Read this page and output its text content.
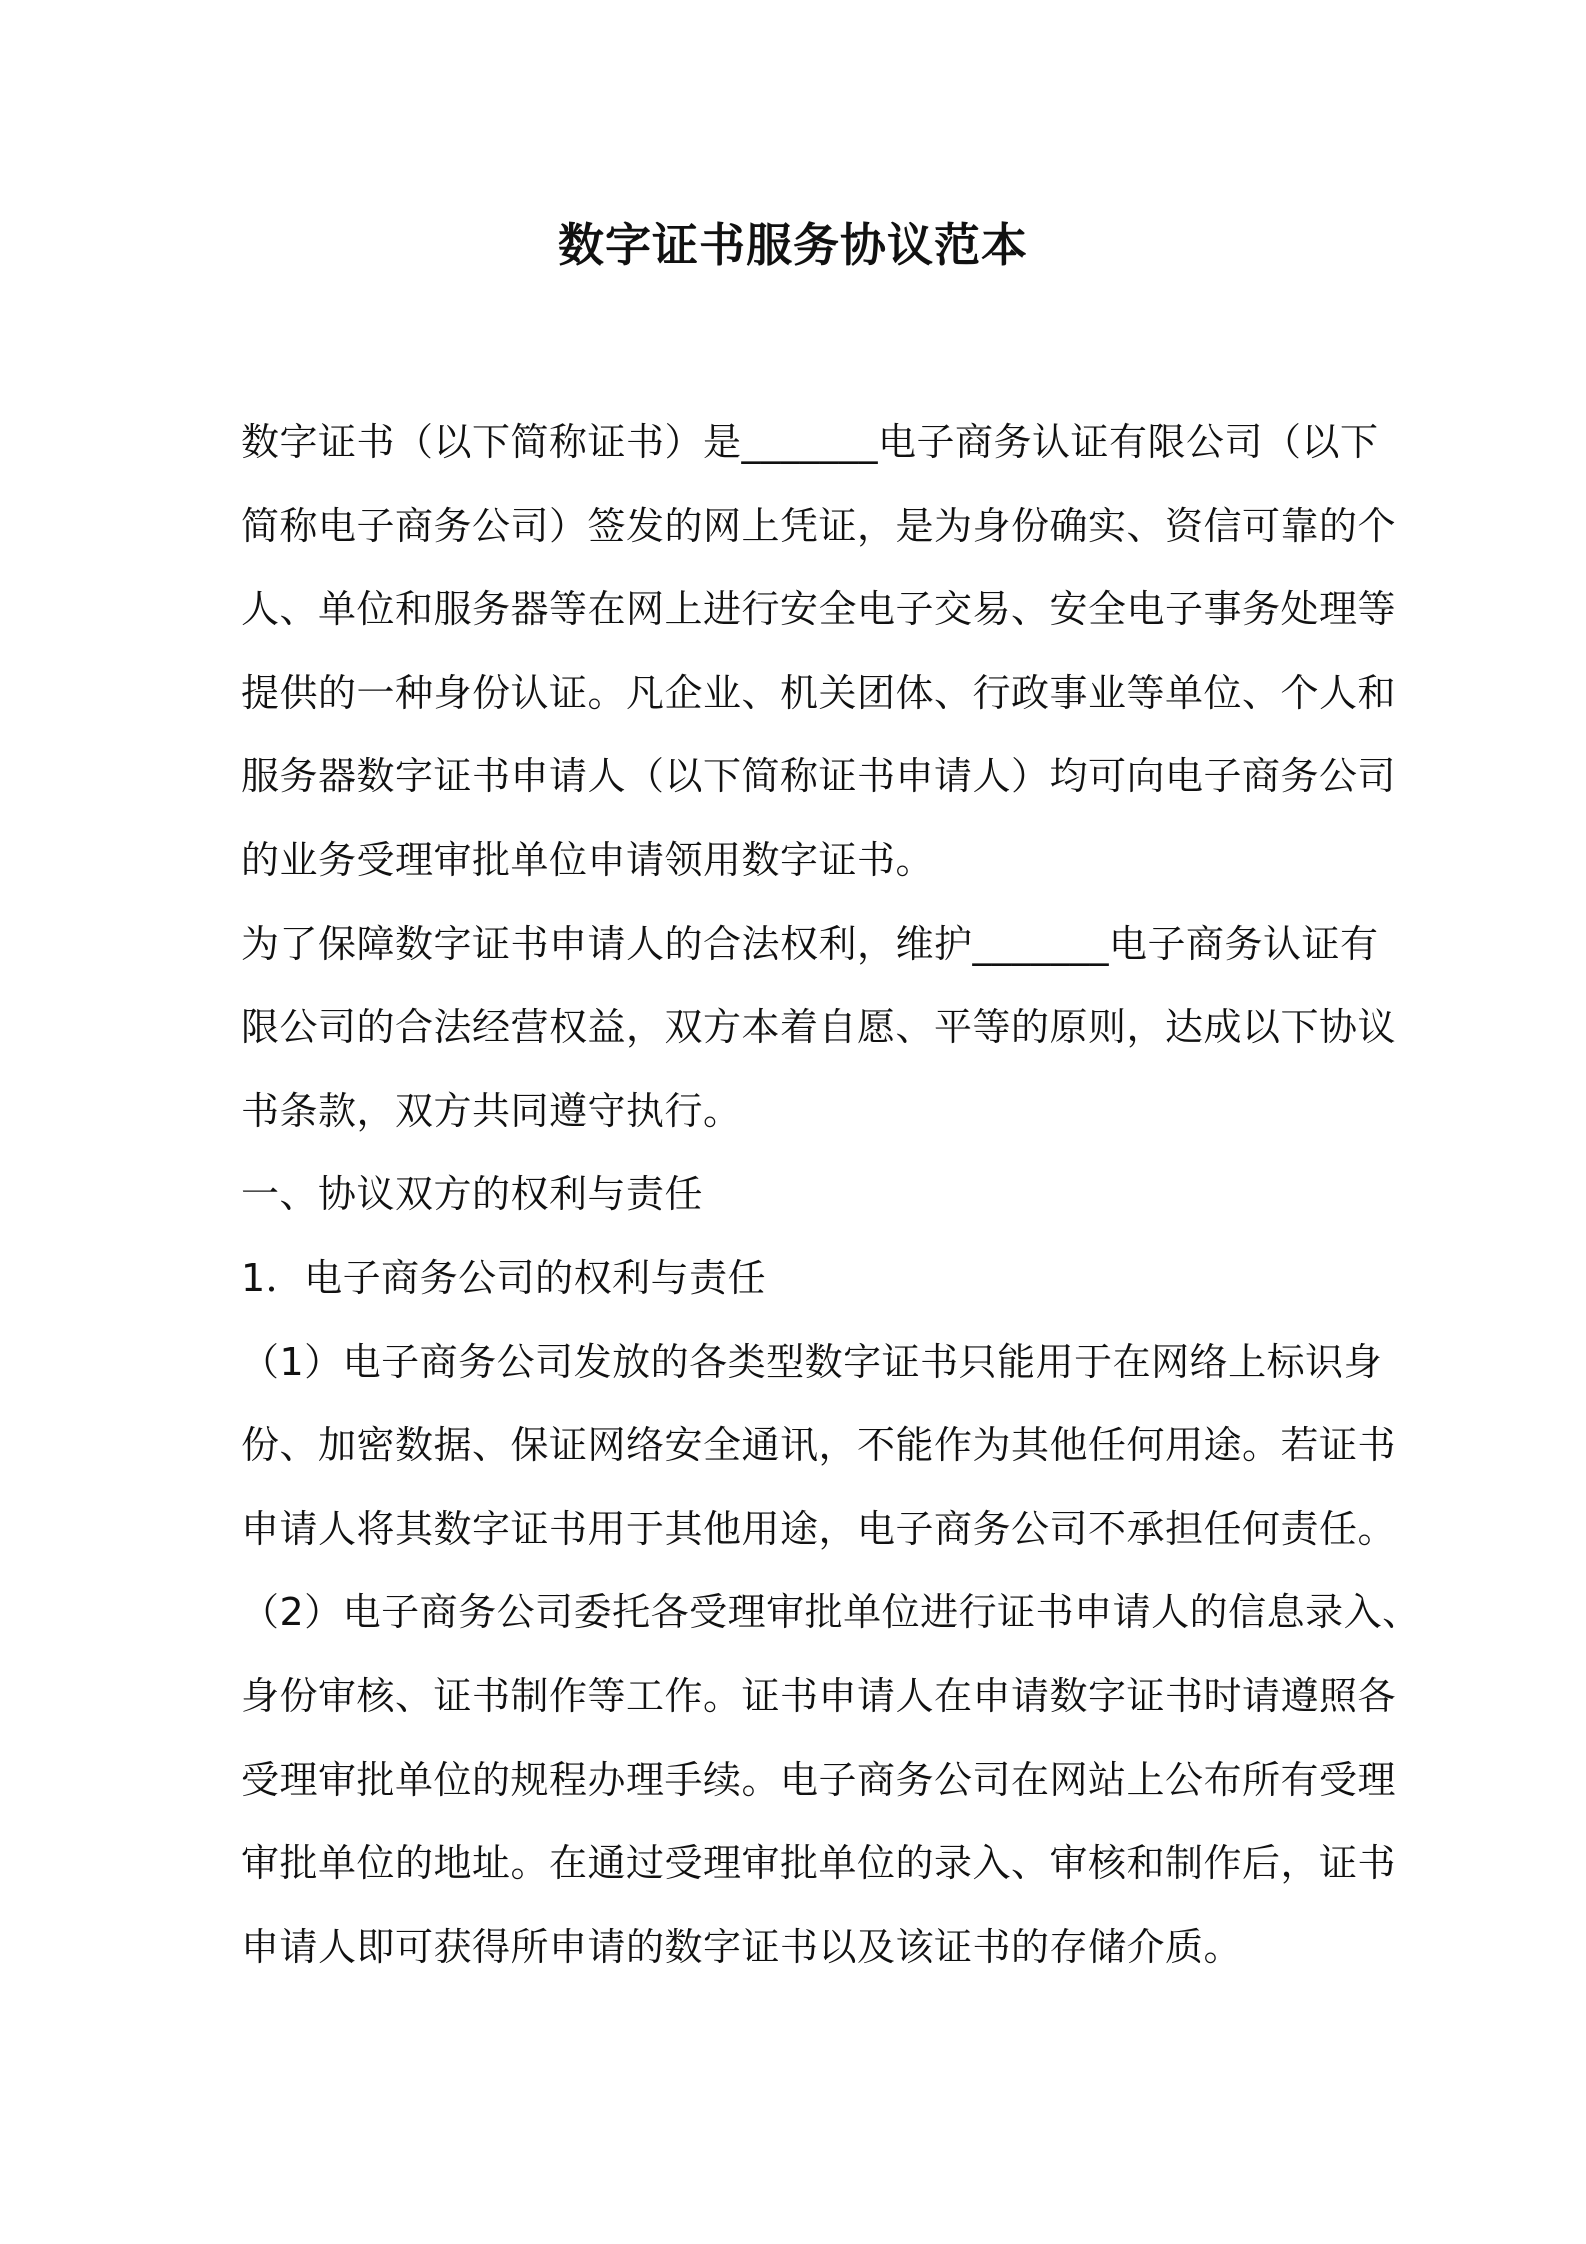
数字证书服务协议范本
数字证书（以下简称证书）是_______电子商务认证有限公司（以下
简称电子商务公司）签发的网上凭证，是为身份确实、资信可靠的个
人、单位和服务器等在网上进行安全电子交易、安全电子事务处理等
提供的一种身份认证。凡企业、机关团体、行政事业等单位、个人和
服务器数字证书申请人（以下简称证书申请人）均可向电子商务公司
的业务受理审批单位申请领用数字证书。
为了保障数字证书申请人的合法权利，维护_______电子商务认证有
限公司的合法经营权益，双方本着自愿、平等的原则，达成以下协议
书条款，双方共同遵守执行。
一、协议双方的权利与责任
1．电子商务公司的权利与责任
（1）电子商务公司发放的各类型数字证书只能用于在网络上标识身
份、加密数据、保证网络安全通讯，不能作为其他任何用途。若证书
申请人将其数字证书用于其他用途，电子商务公司不承担任何责任。
（2）电子商务公司委托各受理审批单位进行证书申请人的信息录入、
身份审核、证书制作等工作。证书申请人在申请数字证书时请遵照各
受理审批单位的规程办理手续。电子商务公司在网站上公布所有受理
审批单位的地址。在通过受理审批单位的录入、审核和制作后，证书
申请人即可获得所申请的数字证书以及该证书的存储介质。
